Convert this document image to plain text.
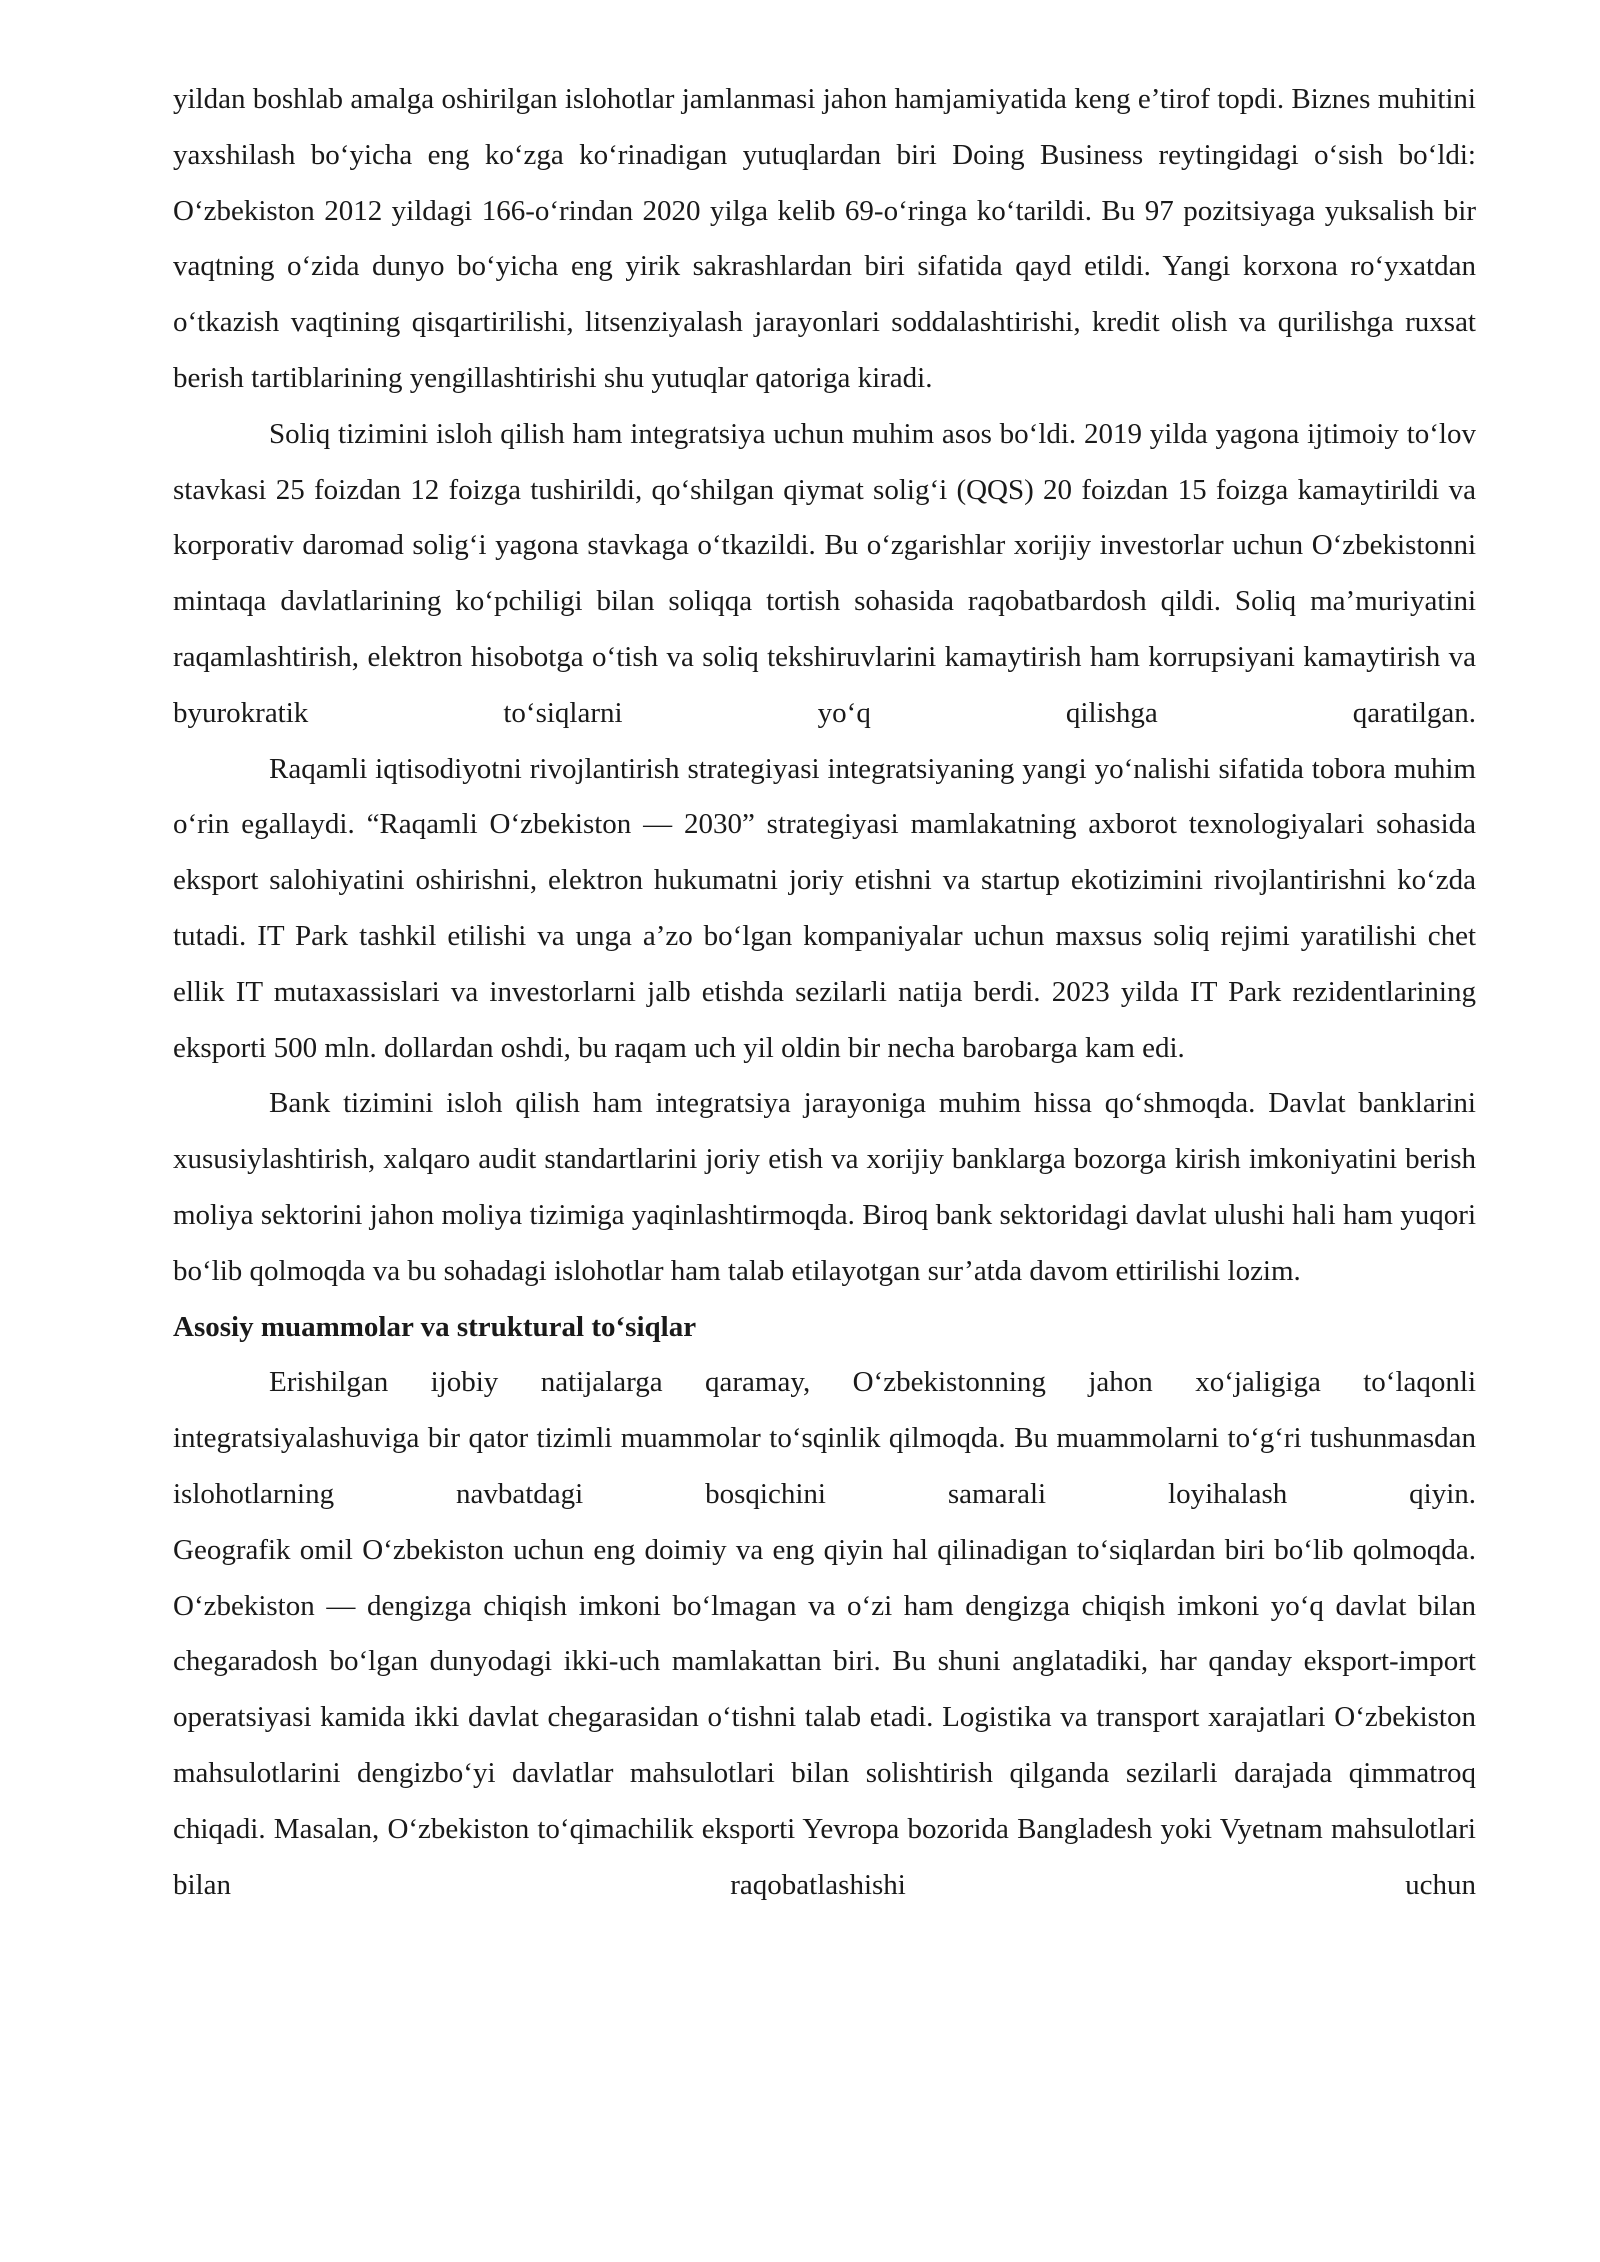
yildan boshlab amalga oshirilgan islohotlar jamlanmasi jahon hamjamiyatida keng e’tirof topdi. Biznes muhitini yaxshilash bo‘yicha eng ko‘zga ko‘rinadigan yutuqlardan biri Doing Business reytingidagi o‘sish bo‘ldi: O‘zbekiston 2012 yildagi 166-o‘rindan 2020 yilga kelib 69-o‘ringa ko‘tarildi. Bu 97 pozitsiyaga yuksalish bir vaqtning o‘zida dunyo bo‘yicha eng yirik sakrashlardan biri sifatida qayd etildi. Yangi korxona ro‘yxatdan o‘tkazish vaqtining qisqartirilishi, litsenziyalash jarayonlari soddalashtirishi, kredit olish va qurilishga ruxsat berish tartiblarining yengillashtirishi shu yutuqlar qatoriga kiradi.

Soliq tizimini isloh qilish ham integratsiya uchun muhim asos bo‘ldi. 2019 yilda yagona ijtimoiy to‘lov stavkasi 25 foizdan 12 foizga tushirildi, qo‘shilgan qiymat solig‘i (QQS) 20 foizdan 15 foizga kamaytirildi va korporativ daromad solig‘i yagona stavkaga o‘tkazildi. Bu o‘zgarishlar xorijiy investorlar uchun O‘zbekistonni mintaqa davlatlarining ko‘pchiligi bilan soliqqa tortish sohasida raqobatbardosh qildi. Soliq ma’muriyatini raqamlashtirish, elektron hisobotga o‘tish va soliq tekshiruvlarini kamaytirish ham korrupsiyani kamaytirish va byurokratik to‘siqlarni yo‘q qilishga qaratilgan.

Raqamli iqtisodiyotni rivojlantirish strategiyasi integratsiyaning yangi yo‘nalishi sifatida tobora muhim o‘rin egallaydi. “Raqamli O‘zbekiston — 2030” strategiyasi mamlakatning axborot texnologiyalari sohasida eksport salohiyatini oshirishni, elektron hukumatni joriy etishni va startup ekotizimini rivojlantirishni ko‘zda tutadi. IT Park tashkil etilishi va unga a’zo bo‘lgan kompaniyalar uchun maxsus soliq rejimi yaratilishi chet ellik IT mutaxassislari va investorlarni jalb etishda sezilarli natija berdi. 2023 yilda IT Park rezidentlarining eksporti 500 mln. dollardan oshdi, bu raqam uch yil oldin bir necha barobarga kam edi.

Bank tizimini isloh qilish ham integratsiya jarayoniga muhim hissa qo‘shmoqda. Davlat banklarini xususiylashtirish, xalqaro audit standartlarini joriy etish va xorijiy banklarga bozorga kirish imkoniyatini berish moliya sektorini jahon moliya tizimiga yaqinlashtirmoqda. Biroq bank sektoridagi davlat ulushi hali ham yuqori bo‘lib qolmoqda va bu sohadagi islohotlar ham talab etilayotgan sur’atda davom ettirilishi lozim.

Asosiy muammolar va struktural to‘siqlar

Erishilgan ijobiy natijalarga qaramay, O‘zbekistonning jahon xo‘jaligiga to‘laqonli integratsiyalashuviga bir qator tizimli muammolar to‘sqinlik qilmoqda. Bu muammolarni to‘g‘ri tushunmasdan islohotlarning navbatdagi bosqichini samarali loyihalash qiyin.

Geografik omil O‘zbekiston uchun eng doimiy va eng qiyin hal qilinadigan to‘siqlardan biri bo‘lib qolmoqda. O‘zbekiston — dengizga chiqish imkoni bo‘lmagan va o‘zi ham dengizga chiqish imkoni yo‘q davlat bilan chegaradosh bo‘lgan dunyodagi ikki-uch mamlakattan biri. Bu shuni anglatadiki, har qanday eksport-import operatsiyasi kamida ikki davlat chegarasidan o‘tishni talab etadi. Logistika va transport xarajatlari O‘zbekiston mahsulotlarini dengizbo‘yi davlatlar mahsulotlari bilan solishtirish qilganda sezilarli darajada qimmatroq chiqadi. Masalan, O‘zbekiston to‘qimachilik eksporti Yevropa bozorida Bangladesh yoki Vyetnam mahsulotlari bilan raqobatlashishi uchun
